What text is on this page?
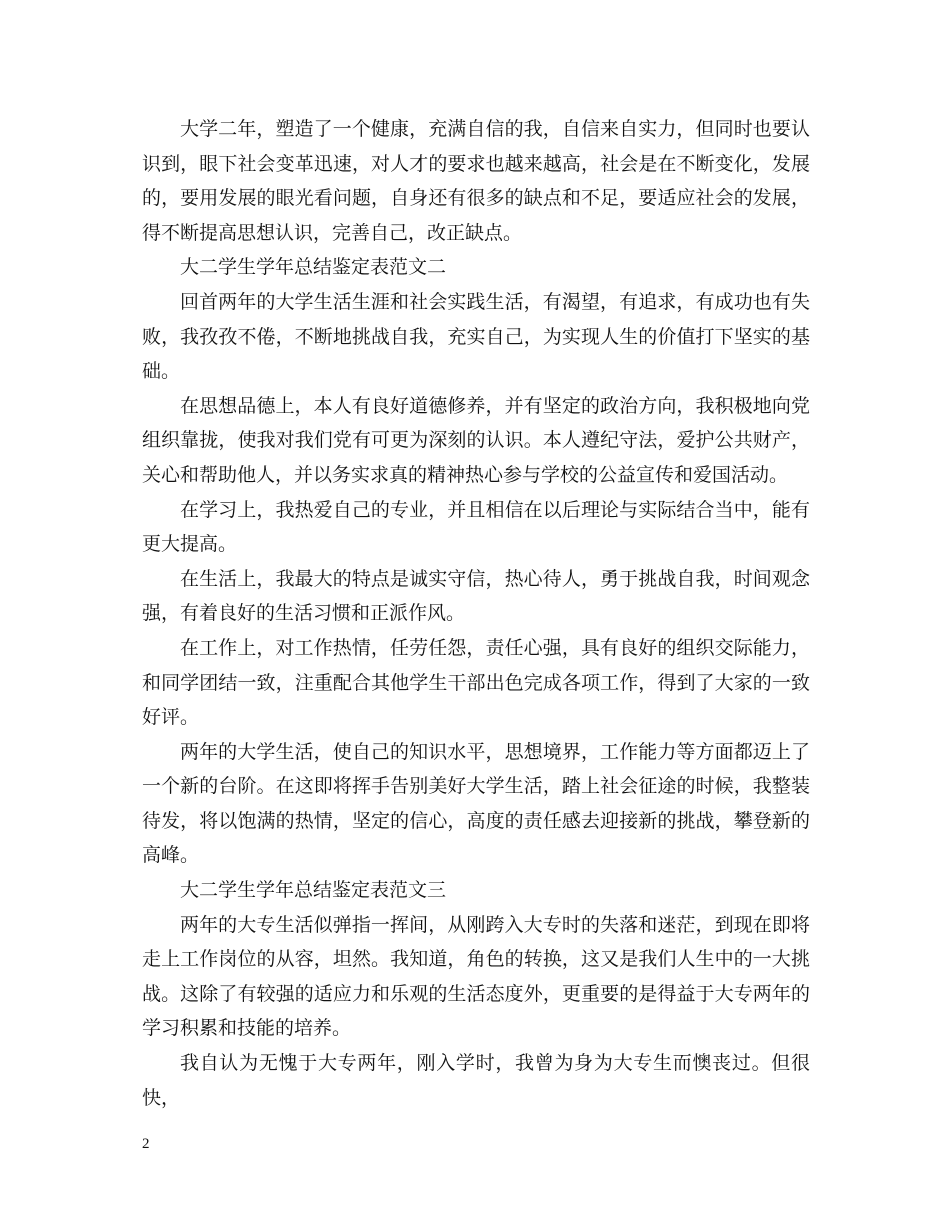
大学二年，塑造了一个健康，充满自信的我，自信来自实力，但同时也要认识到，眼下社会变革迅速，对人才的要求也越来越高，社会是在不断变化，发展的，要用发展的眼光看问题，自身还有很多的缺点和不足，要适应社会的发展，得不断提高思想认识，完善自己，改正缺点。

大二学生学年总结鉴定表范文二

回首两年的大学生活生涯和社会实践生活，有渴望，有追求，有成功也有失败，我孜孜不倦，不断地挑战自我，充实自己，为实现人生的价值打下坚实的基础。

在思想品德上，本人有良好道德修养，并有坚定的政治方向，我积极地向党组织靠拢，使我对我们党有可更为深刻的认识。本人遵纪守法，爱护公共财产，关心和帮助他人，并以务实求真的精神热心参与学校的公益宣传和爱国活动。

在学习上，我热爱自己的专业，并且相信在以后理论与实际结合当中，能有更大提高。

在生活上，我最大的特点是诚实守信，热心待人，勇于挑战自我，时间观念强，有着良好的生活习惯和正派作风。

在工作上，对工作热情，任劳任怨，责任心强，具有良好的组织交际能力，和同学团结一致，注重配合其他学生干部出色完成各项工作，得到了大家的一致好评。

两年的大学生活，使自己的知识水平，思想境界，工作能力等方面都迈上了一个新的台阶。在这即将挥手告别美好大学生活，踏上社会征途的时候，我整装待发，将以饱满的热情，坚定的信心，高度的责任感去迎接新的挑战，攀登新的高峰。

大二学生学年总结鉴定表范文三

两年的大专生活似弹指一挥间，从刚跨入大专时的失落和迷茫，到现在即将走上工作岗位的从容，坦然。我知道，角色的转换，这又是我们人生中的一大挑战。这除了有较强的适应力和乐观的生活态度外，更重要的是得益于大专两年的学习积累和技能的培养。

我自认为无愧于大专两年，刚入学时，我曾为身为大专生而懊丧过。但很快，

2
